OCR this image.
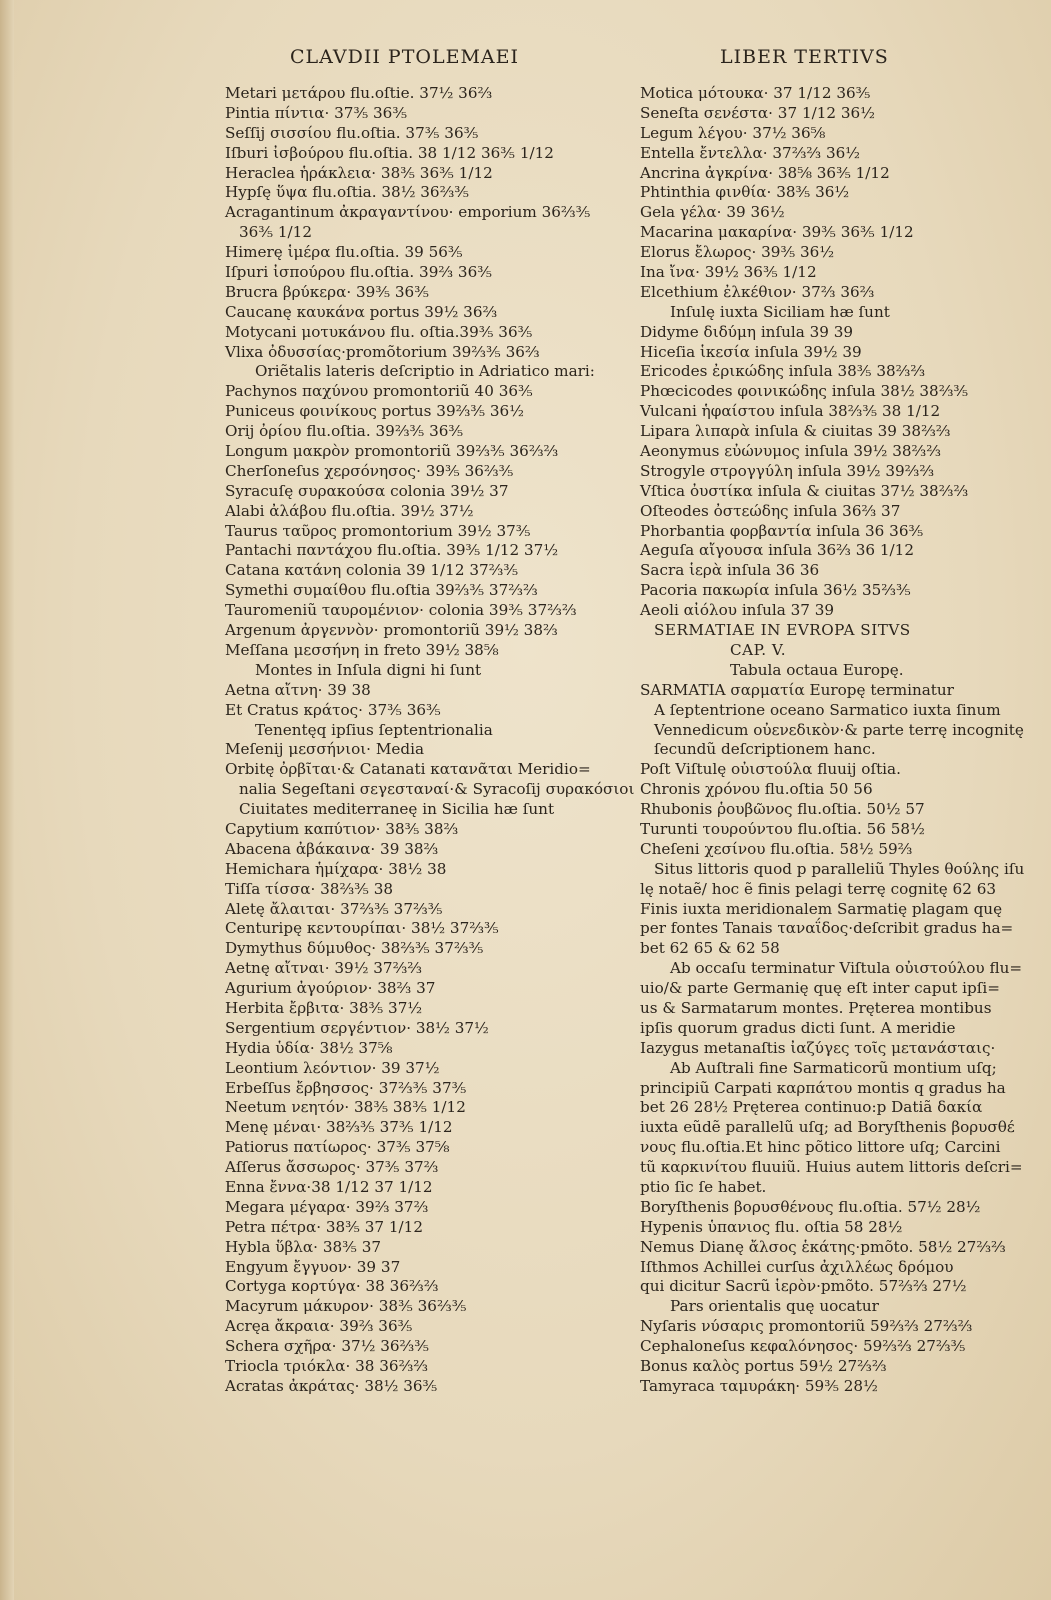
CLAVDII PTOLEMAEI	LIBER TERTIVS
Metari μετάρου flu.oſtie. 37½ 36⅔
Pintia πίντια· 37⅗ 36⅗
Seſſij σισσίου flu.oſtia. 37⅗ 36⅗
Iſburi ἰσβούρου flu.oſtia. 38 1/12 36⅗ 1/12
Heraclea ἡράκλεια· 38⅗ 36⅗ 1/12
Hypſę ὕψα flu.oſtia. 38½ 36⅔⅗
Acragantinum ἀκραγαντίνου· emporium 36⅔⅗
36⅗ 1/12
Himerę ἱμέρα flu.oſtia. 39 56⅗
Iſpuri ἰσπούρου flu.oſtia. 39⅔ 36⅗
Brucra βρύκερα· 39⅗ 36⅗
Caucanę καυκάνα portus 39½ 36⅔
Motycani μοτυκάνου flu. oſtia.39⅗ 36⅗
Vlixa ὀδυσσίας·promõtorium 39⅔⅗ 36⅔
Oriẽtalis lateris deſcriptio in Adriatico mari:
Pachynos παχύνου promontoriũ 40 36⅗
Puniceus φοινίκους portus 39⅔⅗ 36½
Orij ὀρίου flu.oſtia. 39⅔⅗ 36⅗
Longum μακρὸν promontoriũ 39⅔⅗ 36⅔⅔
Cherſoneſus χερσόνησος· 39⅗ 36⅔⅗
Syracuſę συρακούσα colonia 39½ 37
Alabi ἀλάβου flu.oſtia. 39½ 37½
Taurus ταῦρος promontorium 39½ 37⅗
Pantachi παντάχου flu.oſtia. 39⅗ 1/12 37½
Catana κατάνη colonia 39 1/12 37⅔⅗
Symethi συμαίθου flu.oſtia 39⅔⅗ 37⅔⅔
Tauromeniũ ταυρομένιον· colonia 39⅗ 37⅔⅔
Argenum ἀργεννὸν· promontoriũ 39½ 38⅔
Meſſana μεσσήνη in freto 39½ 38⅝
Montes in Inſula digni hi ſunt
Aetna αἴτνη· 39 38
Et Cratus κράτος· 37⅗ 36⅗
Tenentęq ipſius ſeptentrionalia
Meſenij μεσσήνιοι· Media
Orbitę ὀρβῖται·& Catanati κατανᾶται Meridio=
nalia Segeſtani σεγεσταναί·& Syracoſij συρακόσιοι
Ciuitates mediterraneę in Sicilia hæ ſunt
Capytium καπύτιον· 38⅗ 38⅔
Abacena ἀβάκαινα· 39 38⅔
Hemichara ἡμίχαρα· 38½ 38
Tiſſa τίσσα· 38⅔⅗ 38
Aletę ἄλαιται· 37⅔⅗ 37⅔⅗
Centuripę κεντουρίπαι· 38½ 37⅔⅗
Dymythus δύμυθος· 38⅔⅗ 37⅔⅗
Aetnę αἴτναι· 39½ 37⅔⅔
Agurium ἀγούριον· 38⅔ 37
Herbita ἔρβιτα· 38⅗ 37½
Sergentium σεργέντιον· 38½ 37½
Hydia ὑδία· 38½ 37⅝
Leontium λεόντιον· 39 37½
Erbeſſus ἔρβησσος· 37⅔⅗ 37⅗
Neetum νεητόν· 38⅗ 38⅗ 1/12
Menę μέναι· 38⅔⅗ 37⅗ 1/12
Patiorus πατίωρος· 37⅗ 37⅝
Aſſerus ἄσσωρος· 37⅗ 37⅔
Enna ἔννα·38 1/12 37 1/12
Megara μέγαρα· 39⅔ 37⅔
Petra πέτρα· 38⅗ 37 1/12
Hybla ὕβλα· 38⅗ 37
Engyum ἔγγυον· 39 37
Cortyga κορτύγα· 38 36⅔⅔
Macyrum μάκυρον· 38⅗ 36⅔⅗
Acręa ἄκραια· 39⅔ 36⅗
Schera σχῆρα· 37½ 36⅔⅗
Triocla τριόκλα· 38 36⅔⅔
Acratas ἀκράτας· 38½ 36⅗
Motica μότουκα· 37 1/12 36⅗
Seneſta σενέστα· 37 1/12 36½
Legum λέγου· 37½ 36⅝
Entella ἔντελλα· 37⅔⅔ 36½
Ancrina ἀγκρίνα· 38⅝ 36⅗ 1/12
Phtinthia φινθία· 38⅗ 36½
Gela γέλα· 39 36½
Macarina μακαρίνα· 39⅗ 36⅗ 1/12
Elorus ἔλωρος· 39⅗ 36½
Ina ἴνα· 39½ 36⅗ 1/12
Elcethium ἐλκέθιον· 37⅔ 36⅔
Inſulę iuxta Siciliam hæ ſunt
Didyme διδύμη inſula 39 39
Hiceſia ἱκεσία inſula 39½ 39
Ericodes ἐρικώδης inſula 38⅗ 38⅔⅔
Phœcicodes φοινικώδης inſula 38½ 38⅔⅗
Vulcani ἡφαίστου inſula 38⅔⅗ 38 1/12
Lipara λιπαρὰ inſula & ciuitas 39 38⅔⅔
Aeonymus εὐώνυμος inſula 39½ 38⅔⅔
Strogyle στρογγύλη inſula 39½ 39⅔⅔
Vſtica ὀυστίκα inſula & ciuitas 37½ 38⅔⅔
Oſteodes ὀστεώδης inſula 36⅔ 37
Phorbantia φορβαντία inſula 36 36⅗
Aeguſa αἴγουσα inſula 36⅔ 36 1/12
Sacra ἱερὰ inſula 36 36
Pacoria πακωρία inſula 36½ 35⅔⅗
Aeoli αἰόλου inſula 37 39
SERMATIAE IN EVROPA SITVS
CAP. V.
Tabula octaua Europę.
SARMATIA σαρματία Europę terminatur
A ſeptentrione oceano Sarmatico iuxta ſinum
Vennedicum οὐενεδικὸν·& parte terrę incognitę
ſecundũ deſcriptionem hanc.
Poſt Viſtulę οὐιστούλα fluuij oſtia.
Chronis χρόνου flu.oſtia 50 56
Rhubonis ῥουβῶνος flu.oſtia. 50½ 57
Turunti τουρούντου flu.oſtia. 56 58½
Cheſeni χεσίνου flu.oſtia. 58½ 59⅔
Situs littoris quod p paralleliũ Thyles θούλης iſu
lę notaẽ/ hoc ẽ finis pelagi terrę cognitę 62 63
Finis iuxta meridionalem Sarmatię plagam quę
per fontes Tanais ταναΐδος·deſcribit gradus ha=
bet 62 65 & 62 58
Ab occaſu terminatur Viſtula οὐιστούλου flu=
uio/& parte Germanię quę eſt inter caput ipſi=
us & Sarmatarum montes. Pręterea montibus
ipſis quorum gradus dicti ſunt. A meridie
Iazygus metanaſtis ἰαζύγες τοῖς μετανάσταις·
Ab Auſtrali fine Sarmaticorũ montium uſq;
principiũ Carpati καρπάτου montis q gradus ha
bet 26 28½ Pręterea continuo:p Datiã δακία
iuxta eũdẽ parallelũ uſq; ad Boryſthenis βορυσθέ
νους flu.oſtia.Et hinc põtico littore uſq; Carcini
tũ καρκινίτου fluuiũ. Huius autem littoris deſcri=
ptio ſic ſe habet.
Boryſthenis βορυσθένους flu.oſtia. 57½ 28½
Hypenis ὑπανιος flu. oſtia 58 28½
Nemus Dianę ἄλσος ἑκάτης·pmõto. 58½ 27⅔⅔
Iſthmos Achillei curſus ἀχιλλέως δρόμου
qui dicitur Sacrũ ἱερὸν·pmõto. 57⅔⅔ 27½
Pars orientalis quę uocatur
Nyſaris νύσαρις promontoriũ 59⅔⅔ 27⅔⅔
Cephaloneſus κεφαλόνησος· 59⅔⅔ 27⅔⅗
Bonus καλὸς portus 59½ 27⅔⅔
Tamyraca ταμυράκη· 59⅗ 28½
